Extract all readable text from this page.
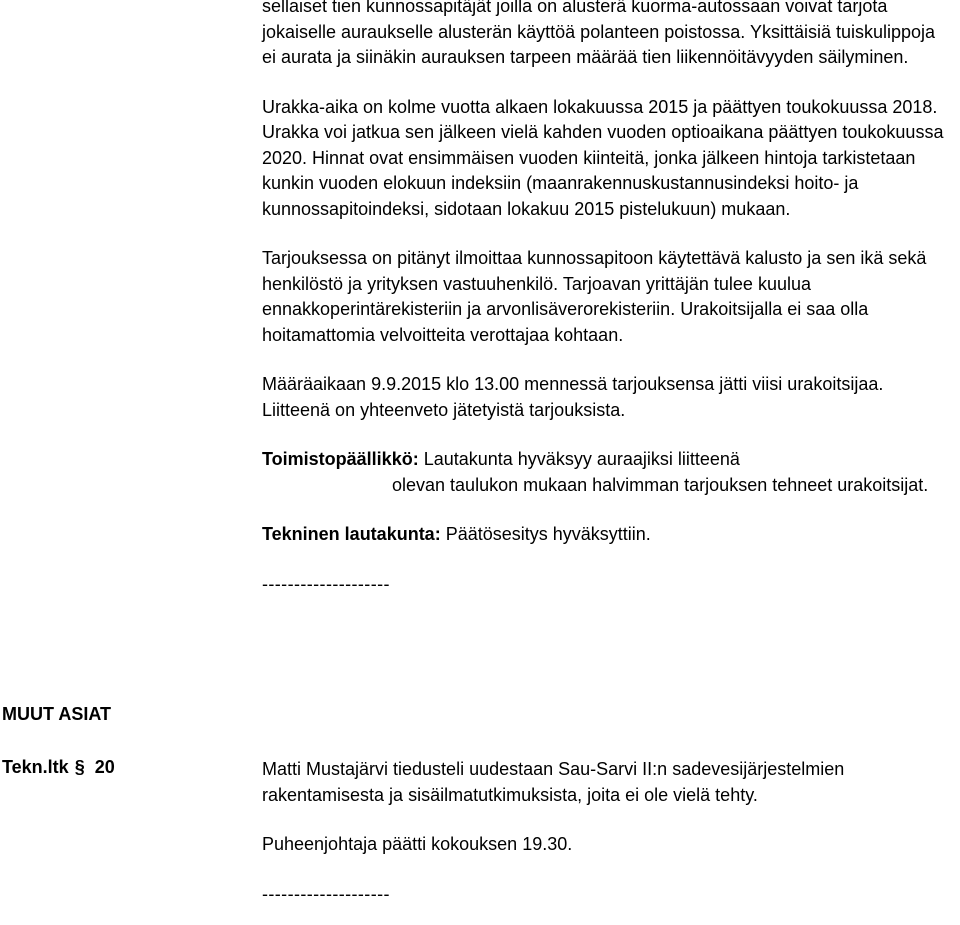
sellaiset tien kunnossapitäjät joilla on alusterä kuorma-autossaan voivat tarjota jokaiselle auraukselle alusterän käyttöä polanteen poistossa. Yksittäisiä tuiskulippoja ei aurata ja siinäkin aurauksen tarpeen määrää tien liikennöitävyyden säilyminen.

Urakka-aika on kolme vuotta alkaen lokakuussa 2015 ja päättyen toukokuussa 2018. Urakka voi jatkua sen jälkeen vielä kahden vuoden optioaikana päättyen toukokuussa 2020. Hinnat ovat ensimmäisen vuoden kiinteitä, jonka jälkeen hintoja tarkistetaan kunkin vuoden elokuun indeksiin (maanrakennuskustannusindeksi hoito- ja kunnossapitoindeksi, sidotaan lokakuu 2015 pistelukuun) mukaan.

Tarjouksessa on pitänyt ilmoittaa kunnossapitoon käytettävä kalusto ja sen ikä sekä henkilöstö ja yrityksen vastuuhenkilö. Tarjoavan yrittäjän tulee kuulua ennakkoperintärekisteriin ja arvonlisäverorekisteriin. Urakoitsijalla ei saa olla hoitamattomia velvoitteita verottajaa kohtaan.

Määräaikaan 9.9.2015 klo 13.00 mennessä tarjouksensa jätti viisi urakoitsijaa. Liitteenä on yhteenveto jätetyistä tarjouksista.

Toimistopäällikkö: Lautakunta hyväksyy auraajiksi liitteenä

olevan taulukon mukaan halvimman tarjouksen tehneet urakoitsijat.

Tekninen lautakunta: Päätösesitys hyväksyttiin.

--------------------

MUUT ASIAT
Tekn.ltk § 20	Matti Mustajärvi tiedusteli uudestaan Sau-Sarvi II:n sadevesijärjestelmien rakentamisesta ja sisäilmatutkimuksista, joita ei ole vielä tehty.

Puheenjohtaja päätti kokouksen 19.30.

--------------------
